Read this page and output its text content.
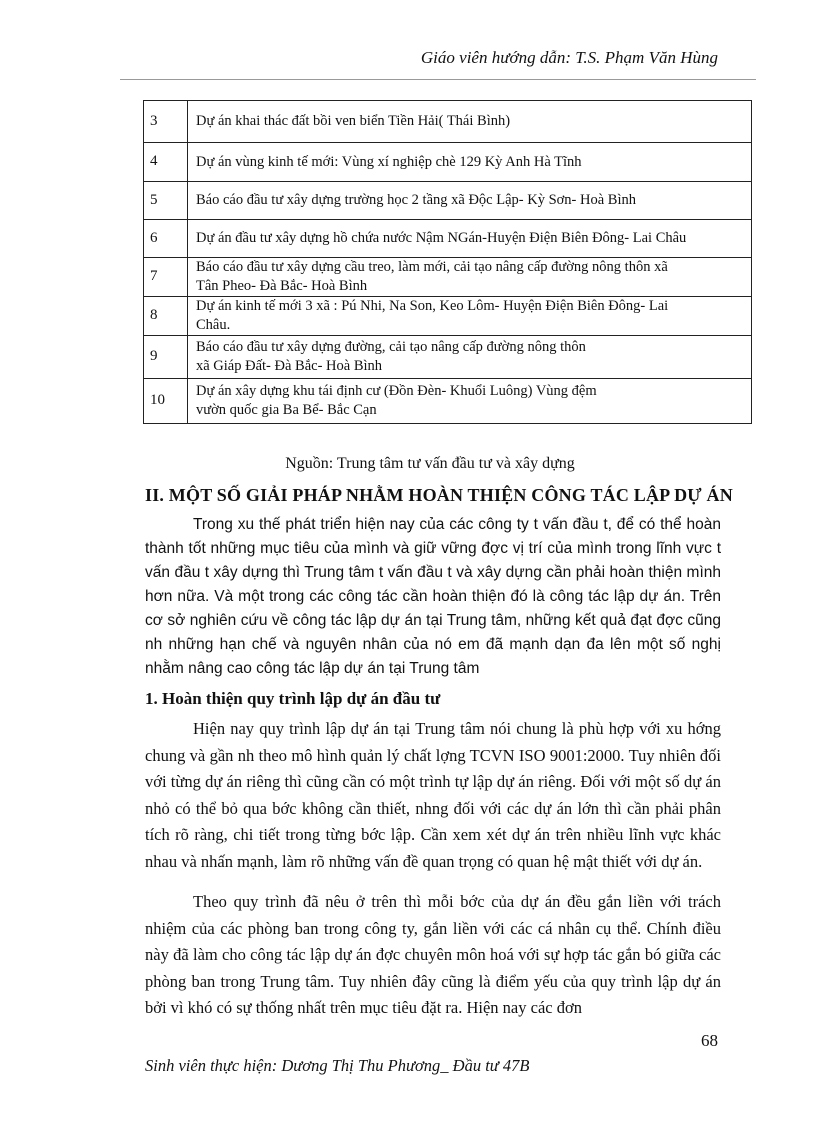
Giáo viên hướng dẫn: T.S. Phạm Văn Hùng
3	Dự án khai thác đất bồi ven biển Tiền Hải( Thái Bình)

4	Dự án vùng kinh tế mới: Vùng xí nghiệp chè 129 Kỳ Anh Hà Tĩnh

5	Báo cáo đầu tư xây dựng trường học 2 tầng xã Độc Lập- Kỳ Sơn- Hoà Bình

6	Dự án đầu tư xây dựng hồ chứa nước Nậm NGán-Huyện Điện Biên Đông- Lai Châu

7	Báo cáo đầu tư xây dựng cầu treo, làm mới, cải tạo nâng cấp đường nông thôn xã
Tân Pheo- Đà Bắc- Hoà Bình

8	Dự án kinh tế mới 3 xã : Pú Nhi, Na Son, Keo Lôm- Huyện Điện Biên Đông- Lai
Châu.

9	Báo cáo đầu tư xây dựng đường, cải tạo nâng cấp đường nông thôn
xã Giáp Đất- Đà Bắc- Hoà Bình

10	Dự án xây dựng khu tái định cư (Đồn Đèn- Khuổi Luông) Vùng đệm
vườn quốc gia Ba Bể- Bắc Cạn
Nguồn: Trung tâm tư vấn đầu tư và xây dựng
II. MỘT SỐ GIẢI PHÁP NHẰM HOÀN THIỆN CÔNG TÁC LẬP DỰ ÁN

Trong xu thế phát triển hiện nay của các công ty t vấn đầu t, để có thể hoàn thành tốt những mục tiêu của mình và giữ vững đợc vị trí của mình trong lĩnh vực t vấn đầu t xây dựng thì Trung tâm t vấn đầu t và xây dựng cần phải hoàn thiện mình hơn nữa. Và một trong các công tác cần hoàn thiện đó là công tác lập dự án. Trên cơ sở nghiên cứu về công tác lập dự án tại Trung tâm, những kết quả đạt đợc cũng nh những hạn chế và nguyên nhân của nó em đã mạnh dạn đa lên một số nghị nhằm nâng cao công tác lập dự án tại Trung tâm

1. Hoàn thiện quy trình lập dự án đầu tư

Hiện nay quy trình lập dự án tại Trung tâm nói chung là phù hợp với xu hớng chung và gần nh theo mô hình quản lý chất lợng TCVN ISO 9001:2000. Tuy nhiên đối với từng dự án riêng thì cũng cần có một trình tự lập dự án riêng. Đối với một số dự án nhỏ có thể bỏ qua bớc không cần thiết, nhng đối với các dự án lớn thì cần phải phân tích rõ ràng, chi tiết trong từng bớc lập. Cần xem xét dự án trên nhiều lĩnh vực khác nhau và nhấn mạnh, làm rõ những vấn đề quan trọng có quan hệ mật thiết với dự án.

Theo quy trình đã nêu ở trên thì mỗi bớc của dự án đều gắn liền với trách nhiệm của các phòng ban trong công ty, gắn liền với các cá nhân cụ thể. Chính điều này đã làm cho công tác lập dự án đợc chuyên môn hoá với sự hợp tác gắn bó giữa các phòng ban trong Trung tâm. Tuy nhiên đây cũng là điểm yếu của quy trình lập dự án bởi vì khó có sự thống nhất trên mục tiêu đặt ra. Hiện nay các đơn

68
Sinh viên thực hiện: Dương Thị Thu Phương_ Đầu tư 47B
